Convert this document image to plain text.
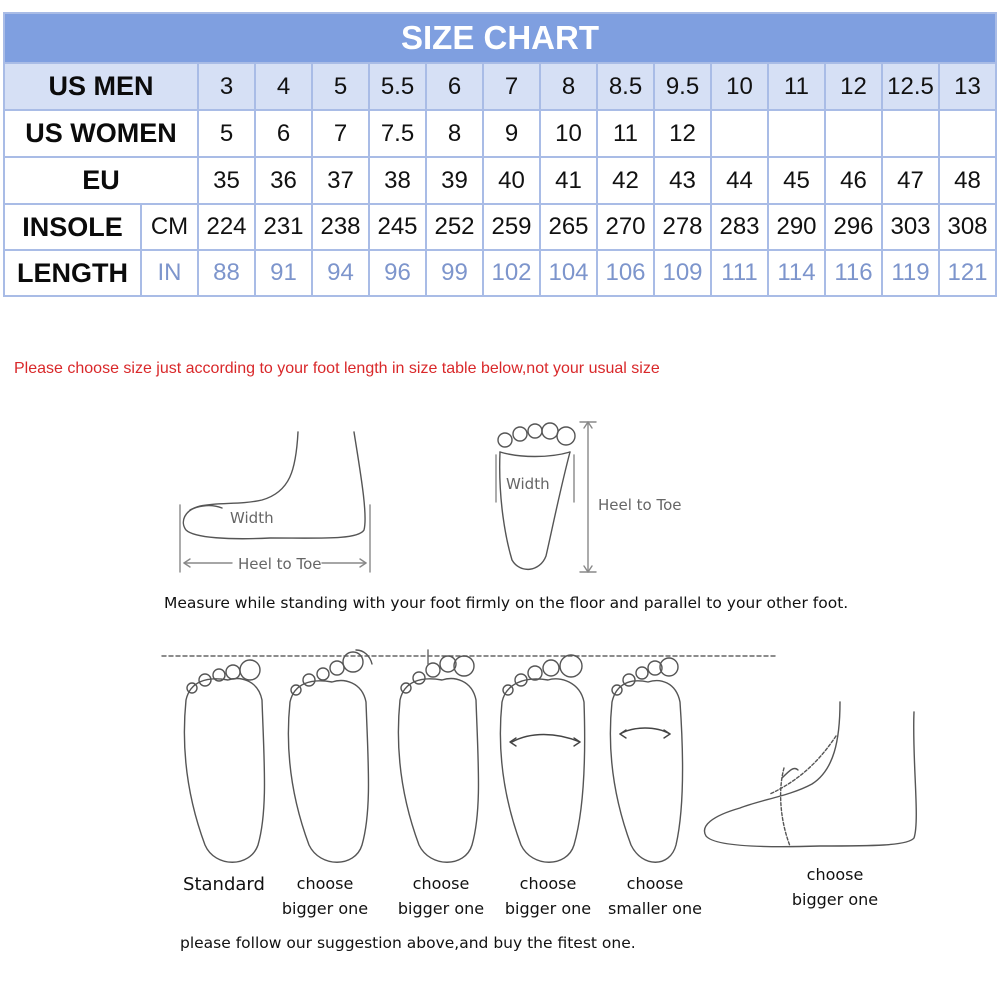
SIZE CHART															
US MEN		3	4	5	5.5	6	7	8	8.5	9.5	10	11	12	12.5	13
US WOMEN		5	6	7	7.5	8	9	10	11	12					
EU		35	36	37	38	39	40	41	42	43	44	45	46	47	48
INSOLE	CM	224	231	238	245	252	259	265	270	278	283	290	296	303	308
LENGTH	IN	88	91	94	96	99	102	104	106	109	111	114	116	119	121
Please choose size just according to your foot length in size table below,not your usual size
Width
Heel to Toe
Width
Heel to Toe
Measure while standing with your foot firmly on the floor and parallel to your other foot.
Standard	choose
bigger one
choose
bigger one
choose
bigger one
choose
smaller one
choose
bigger one
please follow our suggestion above,and buy the fitest one.
